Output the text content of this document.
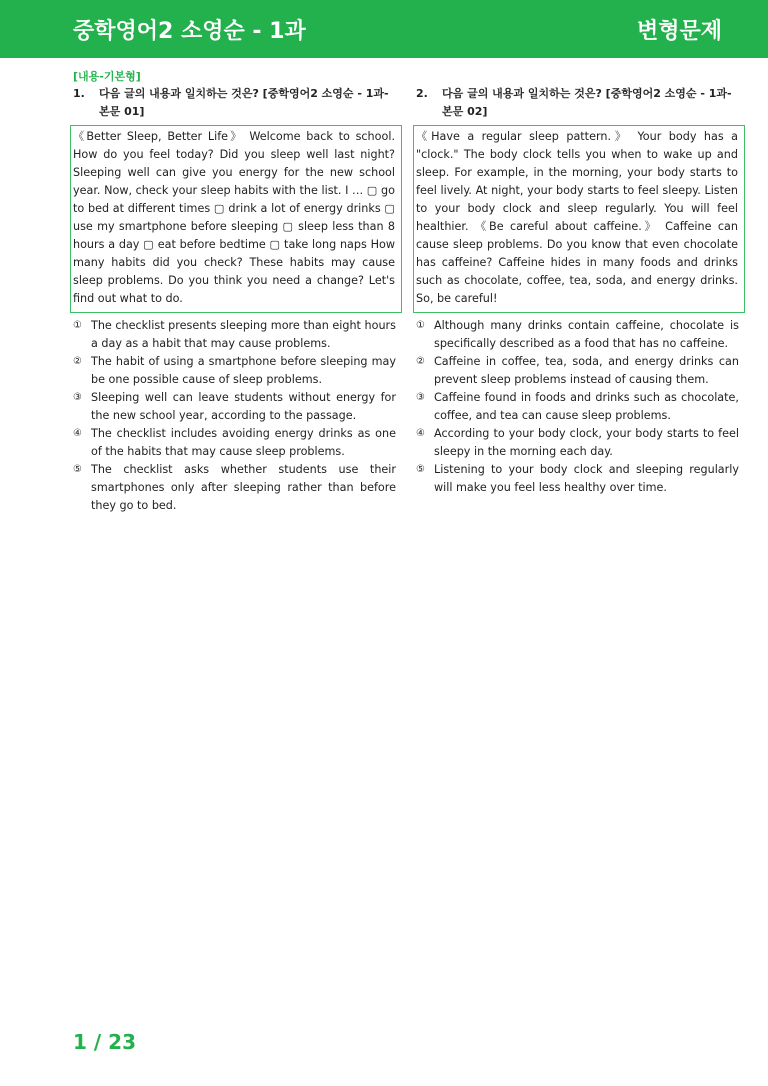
중학영어2 소영순 - 1과	변형문제
[내용-기본형]
1. 다음 글의 내용과 일치하는 것은? [중학영어2 소영순 - 1과-본문 01]
《Better Sleep, Better Life》 Welcome back to school. How do you feel today? Did you sleep well last night? Sleeping well can give you energy for the new school year. Now, check your sleep habits with the list. I … ▢ go to bed at different times ▢ drink a lot of energy drinks ▢ use my smartphone before sleeping ▢ sleep less than 8 hours a day ▢ eat before bedtime ▢ take long naps How many habits did you check? These habits may cause sleep problems. Do you think you need a change? Let's find out what to do.
① The checklist presents sleeping more than eight hours a day as a habit that may cause problems.
② The habit of using a smartphone before sleeping may be one possible cause of sleep problems.
③ Sleeping well can leave students without energy for the new school year, according to the passage.
④ The checklist includes avoiding energy drinks as one of the habits that may cause sleep problems.
⑤ The checklist asks whether students use their smartphones only after sleeping rather than before they go to bed.
2. 다음 글의 내용과 일치하는 것은? [중학영어2 소영순 - 1과-본문 02]
《Have a regular sleep pattern.》 Your body has a "clock." The body clock tells you when to wake up and sleep. For example, in the morning, your body starts to feel lively. At night, your body starts to feel sleepy. Listen to your body clock and sleep regularly. You will feel healthier. 《Be careful about caffeine.》 Caffeine can cause sleep problems. Do you know that even chocolate has caffeine? Caffeine hides in many foods and drinks such as chocolate, coffee, tea, soda, and energy drinks. So, be careful!
① Although many drinks contain caffeine, chocolate is specifically described as a food that has no caffeine.
② Caffeine in coffee, tea, soda, and energy drinks can prevent sleep problems instead of causing them.
③ Caffeine found in foods and drinks such as chocolate, coffee, and tea can cause sleep problems.
④ According to your body clock, your body starts to feel sleepy in the morning each day.
⑤ Listening to your body clock and sleeping regularly will make you feel less healthy over time.
1 / 23
